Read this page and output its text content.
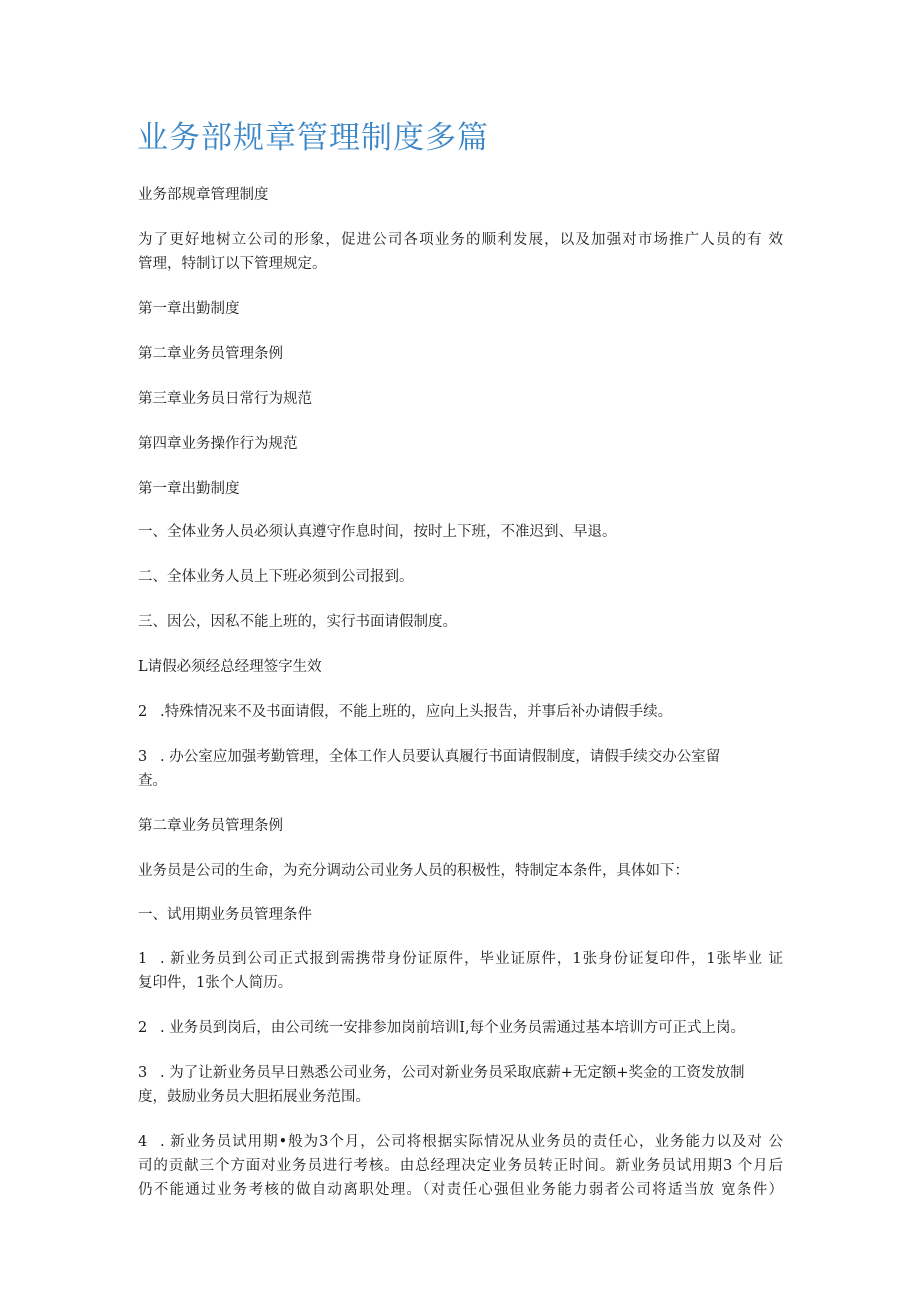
业务部规章管理制度多篇

业务部规章管理制度

为了更好地树立公司的形象，促进公司各项业务的顺利发展，以及加强对市场推广人员的有 效

管理，特制订以下管理规定。

第一章出勤制度

第二章业务员管理条例

第三章业务员日常行为规范

第四章业务操作行为规范

第一章出勤制度

一、全体业务人员必须认真遵守作息时间，按时上下班，不准迟到、早退。

二、全体业务人员上下班必须到公司报到。

三、因公，因私不能上班的，实行书面请假制度。

L请假必须经总经理签字生效

2 .特殊情况来不及书面请假，不能上班的，应向上头报告，并事后补办请假手续。

3 . 办公室应加强考勤管理，全体工作人员要认真履行书面请假制度，请假手续交办公室留

查。

第二章业务员管理条例

业务员是公司的生命，为充分调动公司业务人员的积极性，特制定本条件，具体如下：

一、试用期业务员管理条件

1 . 新业务员到公司正式报到需携带身份证原件，毕业证原件，1张身份证复印件，1张毕业 证

复印件，1张个人简历。

2 . 业务员到岗后，由公司统一安排参加岗前培训I,每个业务员需通过基本培训方可正式上岗。

3 . 为了让新业务员早日熟悉公司业务，公司对新业务员采取底薪+无定额+奖金的工资发放制

度，鼓励业务员大胆拓展业务范围。

4 . 新业务员试用期•般为3个月，公司将根据实际情况从业务员的责任心，业务能力以及对 公

司的贡献三个方面对业务员进行考核。由总经理决定业务员转正时间。新业务员试用期3 个月后

仍不能通过业务考核的做自动离职处理。（对责任心强但业务能力弱者公司将适当放 宽条件）
